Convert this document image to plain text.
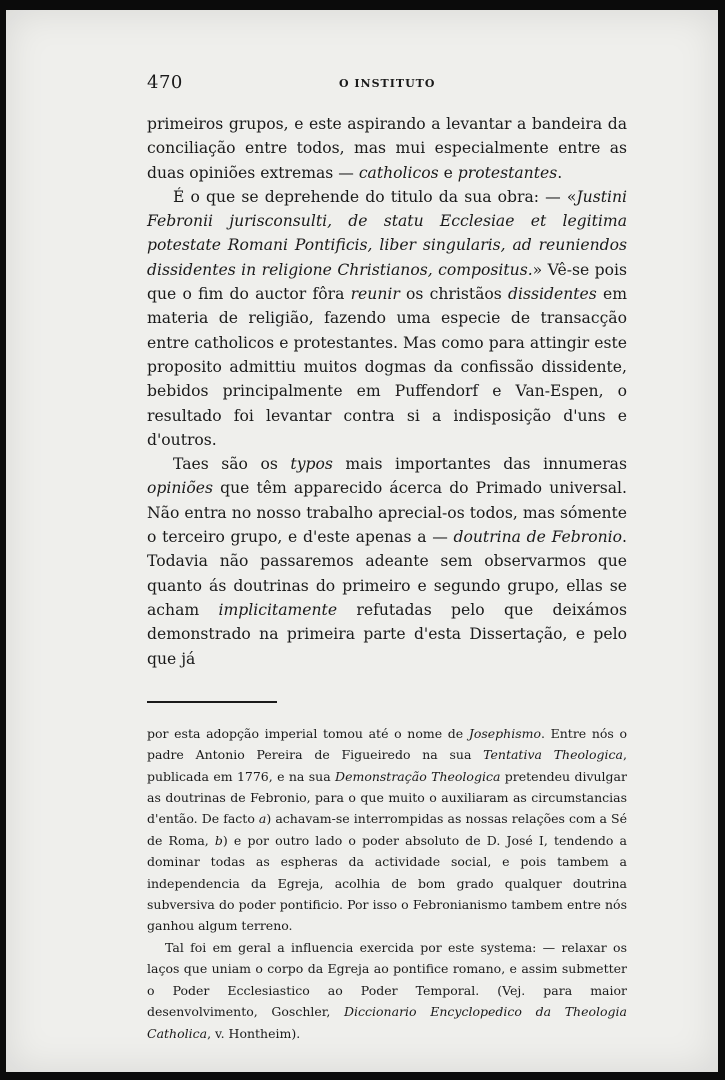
470	O INSTITUTO

primeiros grupos, e este aspirando a levantar a bandeira da conciliação entre todos, mas mui especialmente entre as duas opiniões extremas — catholicos e protestantes.

É o que se deprehende do titulo da sua obra: — «Justini Febronii jurisconsulti, de statu Ecclesiae et legitima potestate Romani Pontificis, liber singularis, ad reuniendos dissidentes in religione Christianos, compositus.» Vê-se pois que o fim do auctor fôra reunir os christãos dissidentes em materia de religião, fazendo uma especie de transacção entre catholicos e protestantes. Mas como para attingir este proposito admittiu muitos dogmas da confissão dissidente, bebidos principalmente em Puffendorf e Van-Espen, o resultado foi levantar contra si a indisposição d'uns e d'outros.

Taes são os typos mais importantes das innumeras opiniões que têm apparecido ácerca do Primado universal. Não entra no nosso trabalho aprecial-os todos, mas sómente o terceiro grupo, e d'este apenas a — doutrina de Febronio. Todavia não passaremos adeante sem observarmos que quanto ás doutrinas do primeiro e segundo grupo, ellas se acham implicitamente refutadas pelo que deixámos demonstrado na primeira parte d'esta Dissertação, e pelo que já

por esta adopção imperial tomou até o nome de Josephismo. Entre nós o padre Antonio Pereira de Figueiredo na sua Tentativa Theologica, publicada em 1776, e na sua Demonstração Theologica pretendeu divulgar as doutrinas de Febronio, para o que muito o auxiliaram as circumstancias d'então. De facto a) achavam-se interrompidas as nossas relações com a Sé de Roma, b) e por outro lado o poder absoluto de D. José I, tendendo a dominar todas as espheras da actividade social, e pois tambem a independencia da Egreja, acolhia de bom grado qualquer doutrina subversiva do poder pontificio. Por isso o Febronianismo tambem entre nós ganhou algum terreno.

Tal foi em geral a influencia exercida por este systema: — relaxar os laços que uniam o corpo da Egreja ao pontifice romano, e assim submetter o Poder Ecclesiastico ao Poder Temporal. (Vej. para maior desenvolvimento, Goschler, Diccionario Encyclopedico da Theologia Catholica, v. Hontheim).
